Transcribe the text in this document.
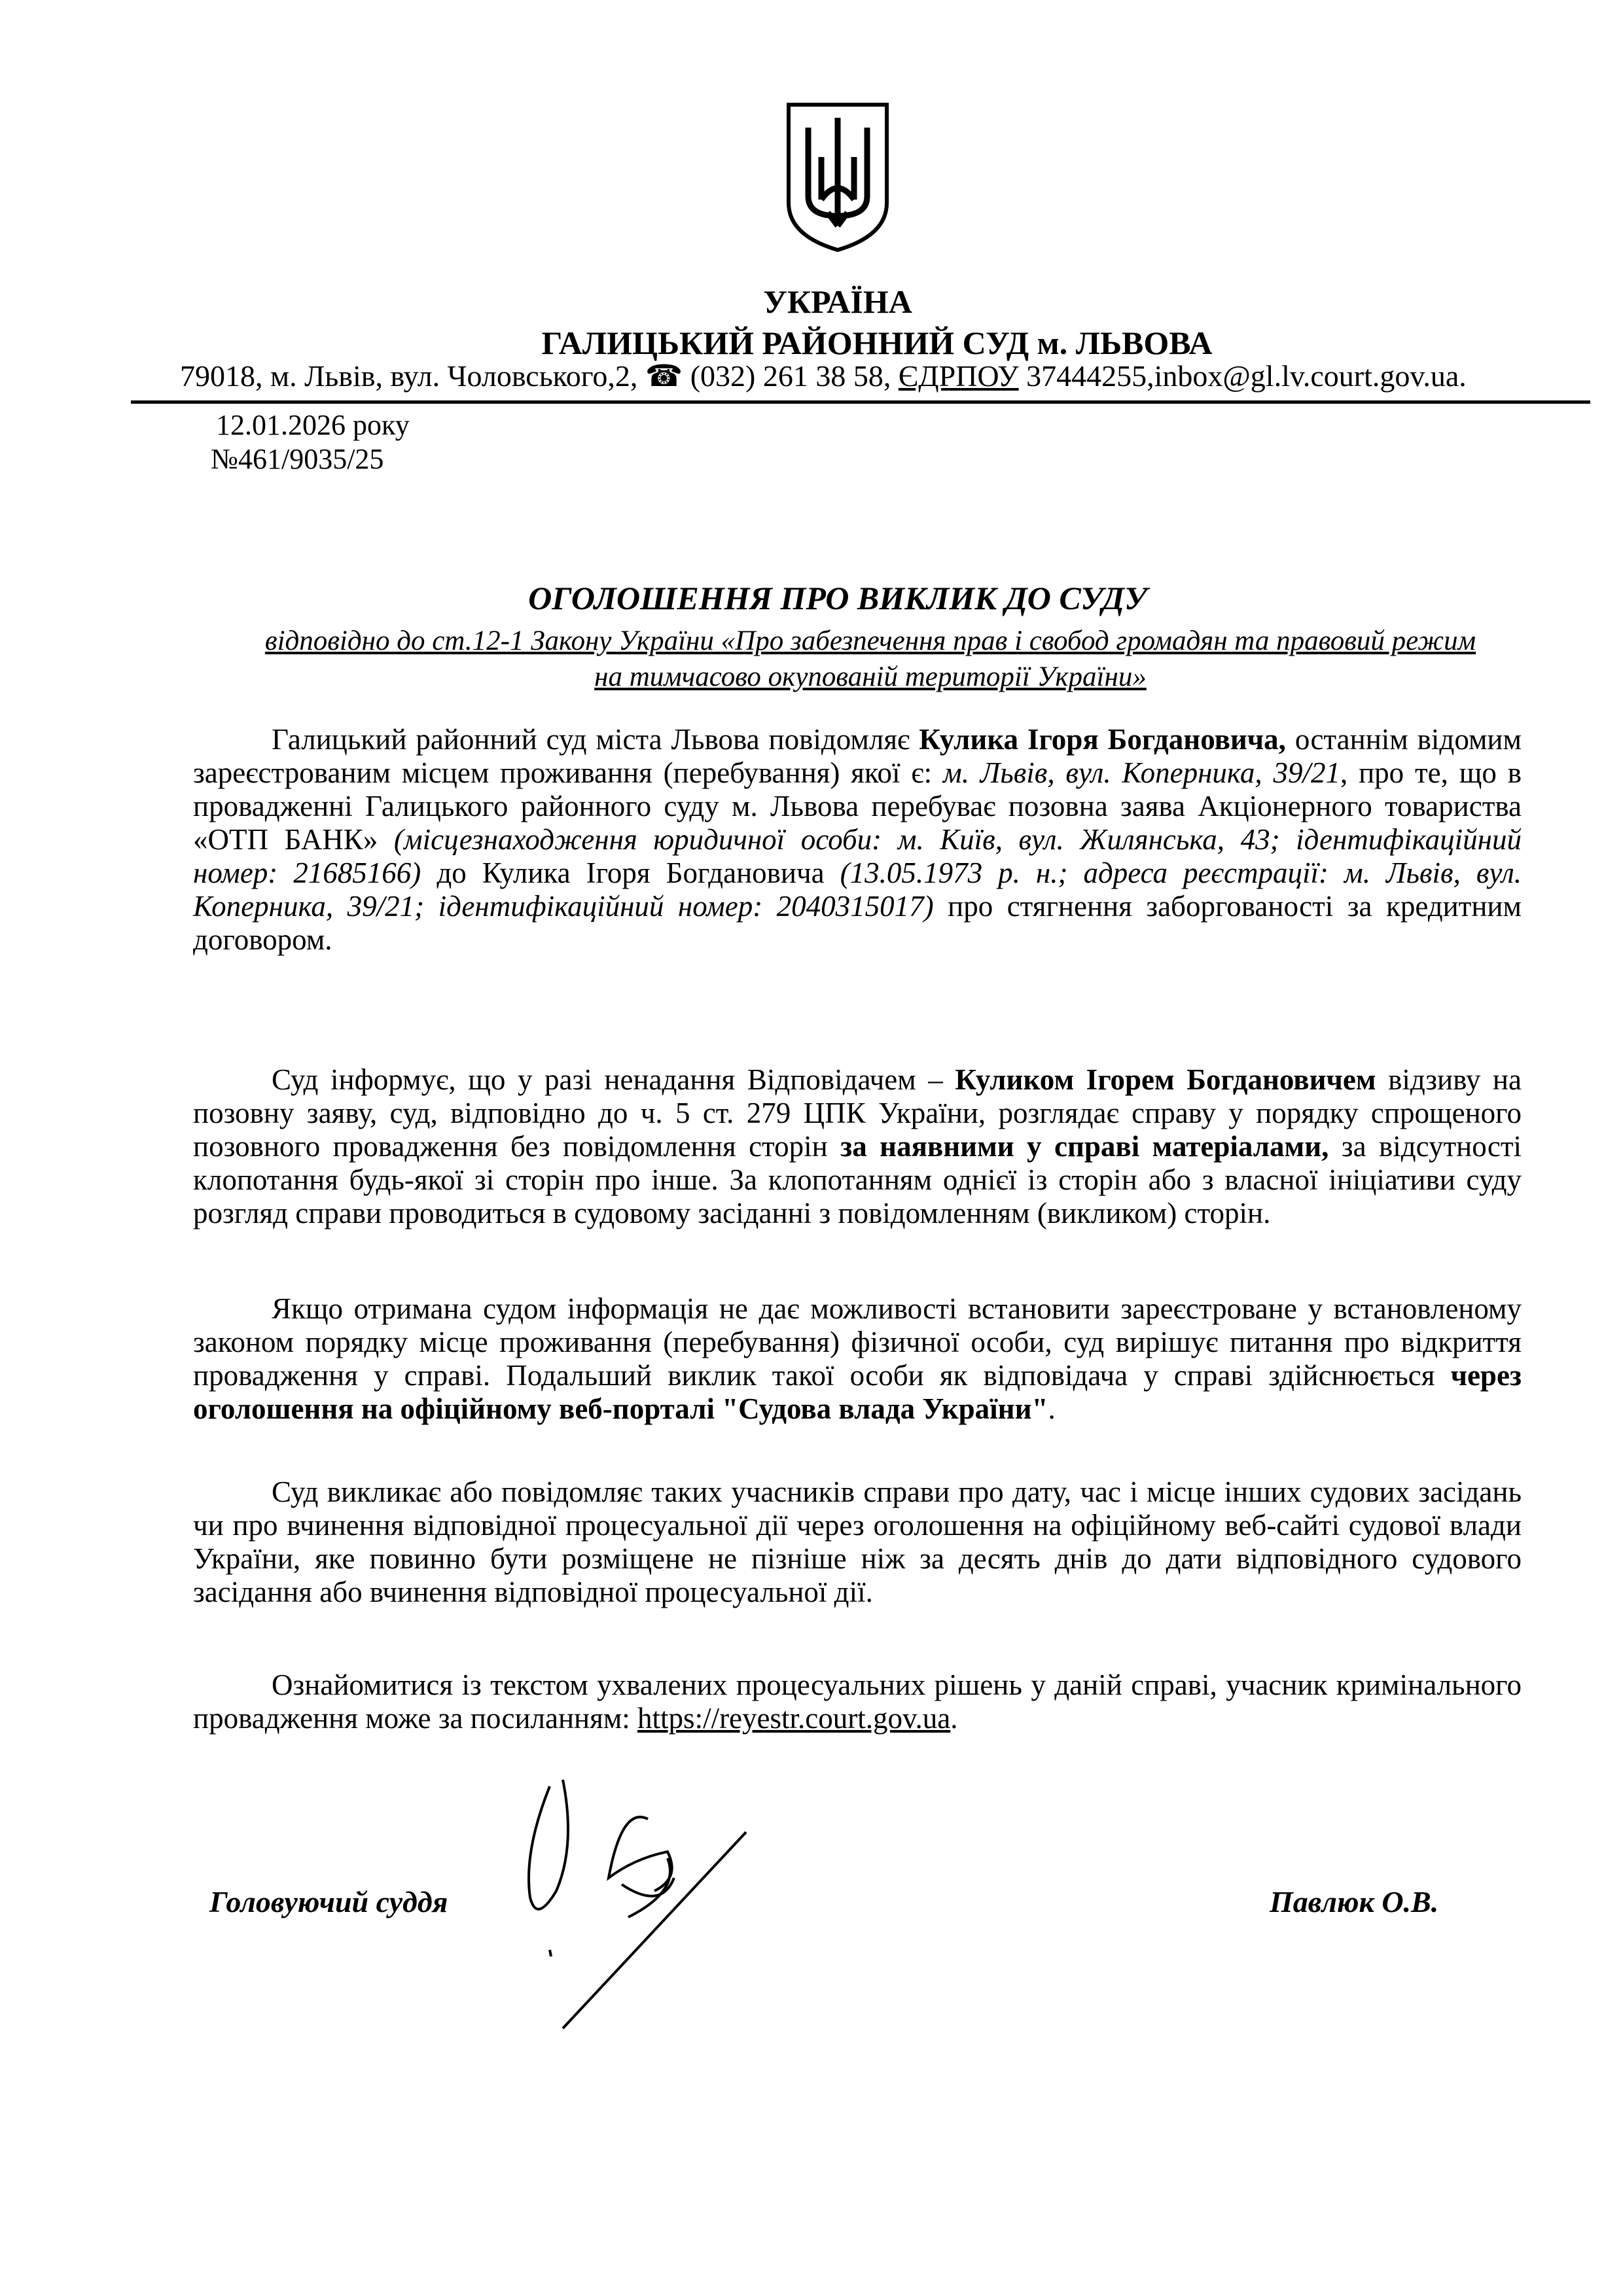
УКРАЇНА
ГАЛИЦЬКИЙ РАЙОННИЙ СУД м. ЛЬВОВА
79018, м. Львів, вул. Чоловського,2, ☎ (032) 261 38 58, ЄДРПОУ 37444255,inbox@gl.lv.court.gov.ua.
12.01.2026 року
№461/9035/25
ОГОЛОШЕННЯ ПРО ВИКЛИК ДО СУДУ
відповідно до ст.12-1 Закону України «Про забезпечення прав і свобод громадян та правовий режим
на тимчасово окупованій території України»
Галицький районний суд міста Львова повідомляє Кулика Ігоря Богдановича, останнім відомим зареєстрованим місцем проживання (перебування) якої є: м. Львів, вул. Коперника, 39/21, про те, що в провадженні Галицького районного суду м. Львова перебуває позовна заява Акціонерного товариства «ОТП БАНК» (місцезнаходження юридичної особи: м. Київ, вул. Жилянська, 43; ідентифікаційний номер: 21685166) до Кулика Ігоря Богдановича (13.05.1973 р. н.; адреса реєстрації: м. Львів, вул. Коперника, 39/21; ідентифікаційний номер: 2040315017) про стягнення заборгованості за кредитним договором.
Суд інформує, що у разі ненадання Відповідачем – Куликом Ігорем Богдановичем відзиву на позовну заяву, суд, відповідно до ч. 5 ст. 279 ЦПК України, розглядає справу у порядку спрощеного позовного провадження без повідомлення сторін за наявними у справі матеріалами, за відсутності клопотання будь-якої зі сторін про інше. За клопотанням однієї із сторін або з власної ініціативи суду розгляд справи проводиться в судовому засіданні з повідомленням (викликом) сторін.
Якщо отримана судом інформація не дає можливості встановити зареєстроване у встановленому законом порядку місце проживання (перебування) фізичної особи, суд вирішує питання про відкриття провадження у справі. Подальший виклик такої особи як відповідача у справі здійснюється через оголошення на офіційному веб-порталі "Судова влада України".
Суд викликає або повідомляє таких учасників справи про дату, час і місце інших судових засідань чи про вчинення відповідної процесуальної дії через оголошення на офіційному веб-сайті судової влади України, яке повинно бути розміщене не пізніше ніж за десять днів до дати відповідного судового засідання або вчинення відповідної процесуальної дії.
Ознайомитися із текстом ухвалених процесуальних рішень у даній справі, учасник кримінального провадження може за посиланням: https://reyestr.court.gov.ua.
Головуючий суддя	Павлюк О.В.
